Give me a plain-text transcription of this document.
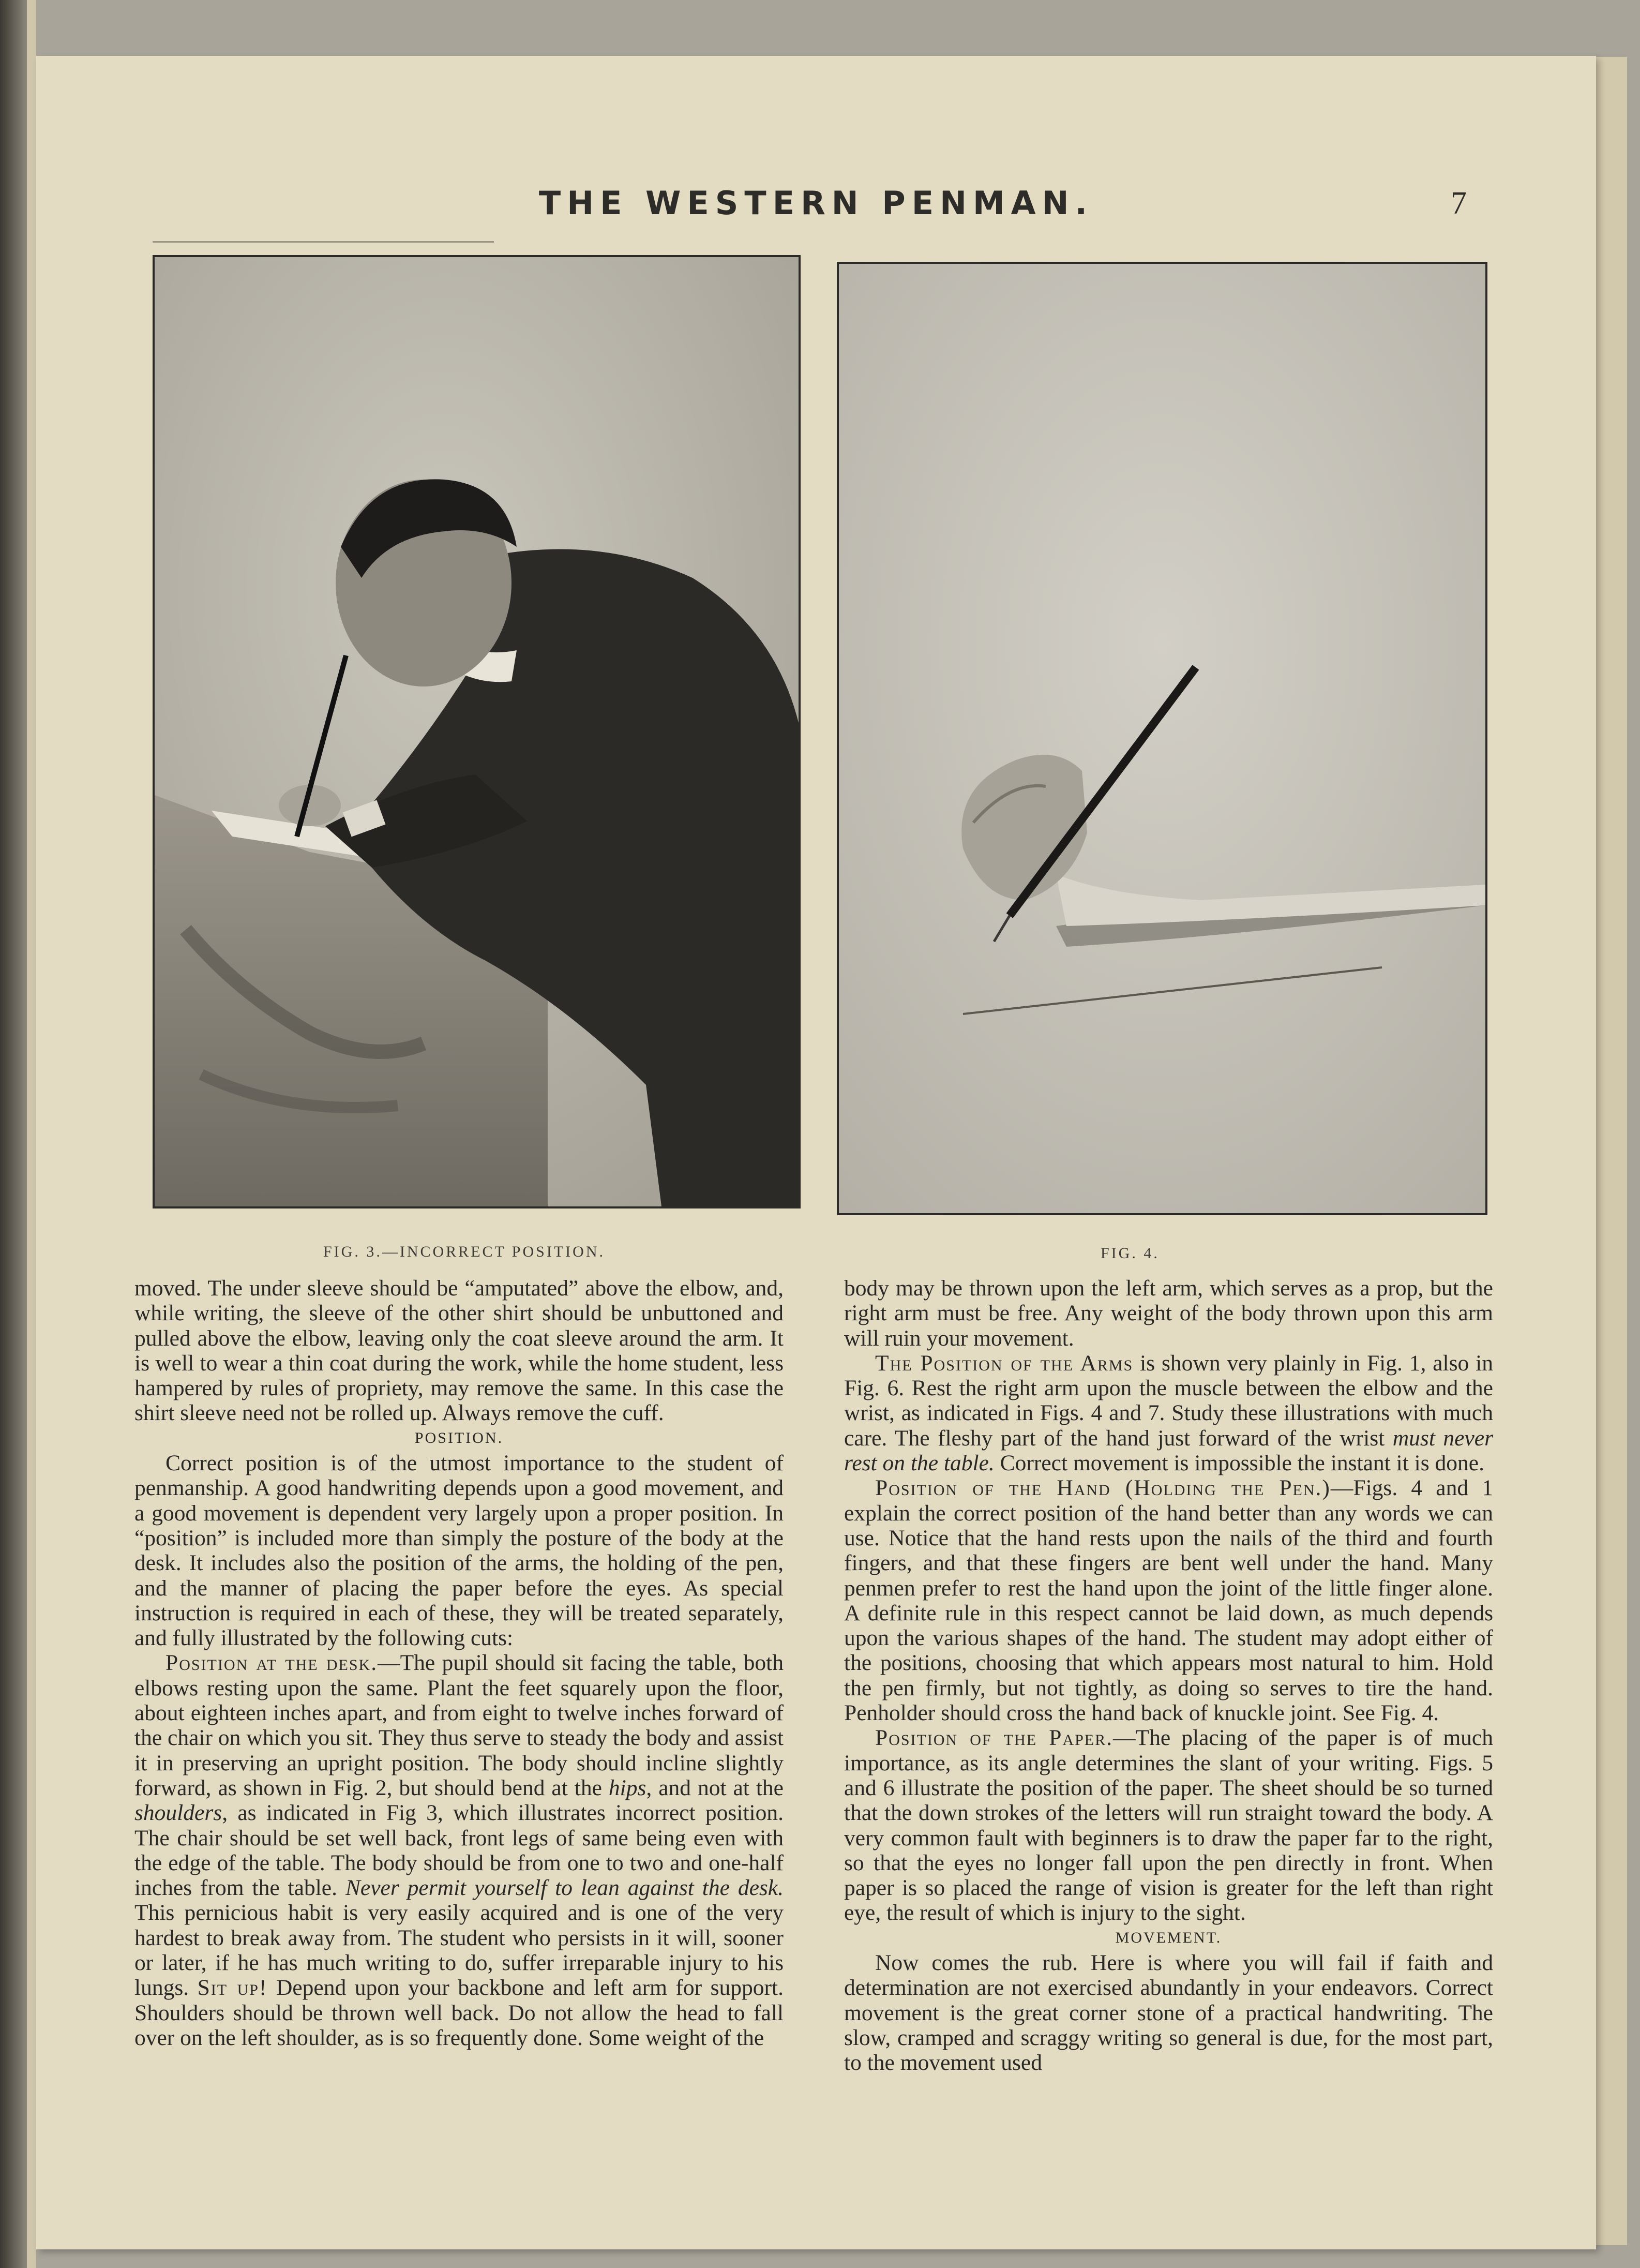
THE WESTERN PENMAN.	7
FIG. 3.—INCORRECT POSITION.	FIG. 4.

moved. The under sleeve should be “amputated” above the elbow, and, while writing, the sleeve of the other shirt should be unbuttoned and pulled above the elbow, leaving only the coat sleeve around the arm. It is well to wear a thin coat during the work, while the home student, less hampered by rules of propriety, may remove the same. In this case the shirt sleeve need not be rolled up. Always remove the cuff.

POSITION.

Correct position is of the utmost importance to the student of penmanship. A good handwriting depends upon a good movement, and a good movement is dependent very largely upon a proper position. In “position” is included more than simply the posture of the body at the desk. It includes also the position of the arms, the holding of the pen, and the manner of placing the paper before the eyes. As special instruction is required in each of these, they will be treated separately, and fully illustrated by the following cuts:

Position at the desk.—The pupil should sit facing the table, both elbows resting upon the same. Plant the feet squarely upon the floor, about eighteen inches apart, and from eight to twelve inches forward of the chair on which you sit. They thus serve to steady the body and assist it in preserving an upright position. The body should incline slightly forward, as shown in Fig. 2, but should bend at the hips, and not at the shoulders, as indicated in Fig 3, which illustrates incorrect position. The chair should be set well back, front legs of same being even with the edge of the table. The body should be from one to two and one-half inches from the table. Never permit yourself to lean against the desk. This pernicious habit is very easily acquired and is one of the very hardest to break away from. The student who persists in it will, sooner or later, if he has much writing to do, suffer irreparable injury to his lungs. Sit up! Depend upon your backbone and left arm for support. Shoulders should be thrown well back. Do not allow the head to fall over on the left shoulder, as is so frequently done. Some weight of the

body may be thrown upon the left arm, which serves as a prop, but the right arm must be free. Any weight of the body thrown upon this arm will ruin your movement.

The Position of the Arms is shown very plainly in Fig. 1, also in Fig. 6. Rest the right arm upon the muscle between the elbow and the wrist, as indicated in Figs. 4 and 7. Study these illustrations with much care. The fleshy part of the hand just forward of the wrist must never rest on the table. Correct movement is impossible the instant it is done.

Position of the Hand (Holding the Pen.)—Figs. 4 and 1 explain the correct position of the hand better than any words we can use. Notice that the hand rests upon the nails of the third and fourth fingers, and that these fingers are bent well under the hand. Many penmen prefer to rest the hand upon the joint of the little finger alone. A definite rule in this respect cannot be laid down, as much depends upon the various shapes of the hand. The student may adopt either of the positions, choosing that which appears most natural to him. Hold the pen firmly, but not tightly, as doing so serves to tire the hand. Penholder should cross the hand back of knuckle joint. See Fig. 4.

Position of the Paper.—The placing of the paper is of much importance, as its angle determines the slant of your writing. Figs. 5 and 6 illustrate the position of the paper. The sheet should be so turned that the down strokes of the letters will run straight toward the body. A very common fault with beginners is to draw the paper far to the right, so that the eyes no longer fall upon the pen directly in front. When paper is so placed the range of vision is greater for the left than right eye, the result of which is injury to the sight.

MOVEMENT.

Now comes the rub. Here is where you will fail if faith and determination are not exercised abundantly in your endeavors. Correct movement is the great corner stone of a practical handwriting. The slow, cramped and scraggy writing so general is due, for the most part, to the movement used
